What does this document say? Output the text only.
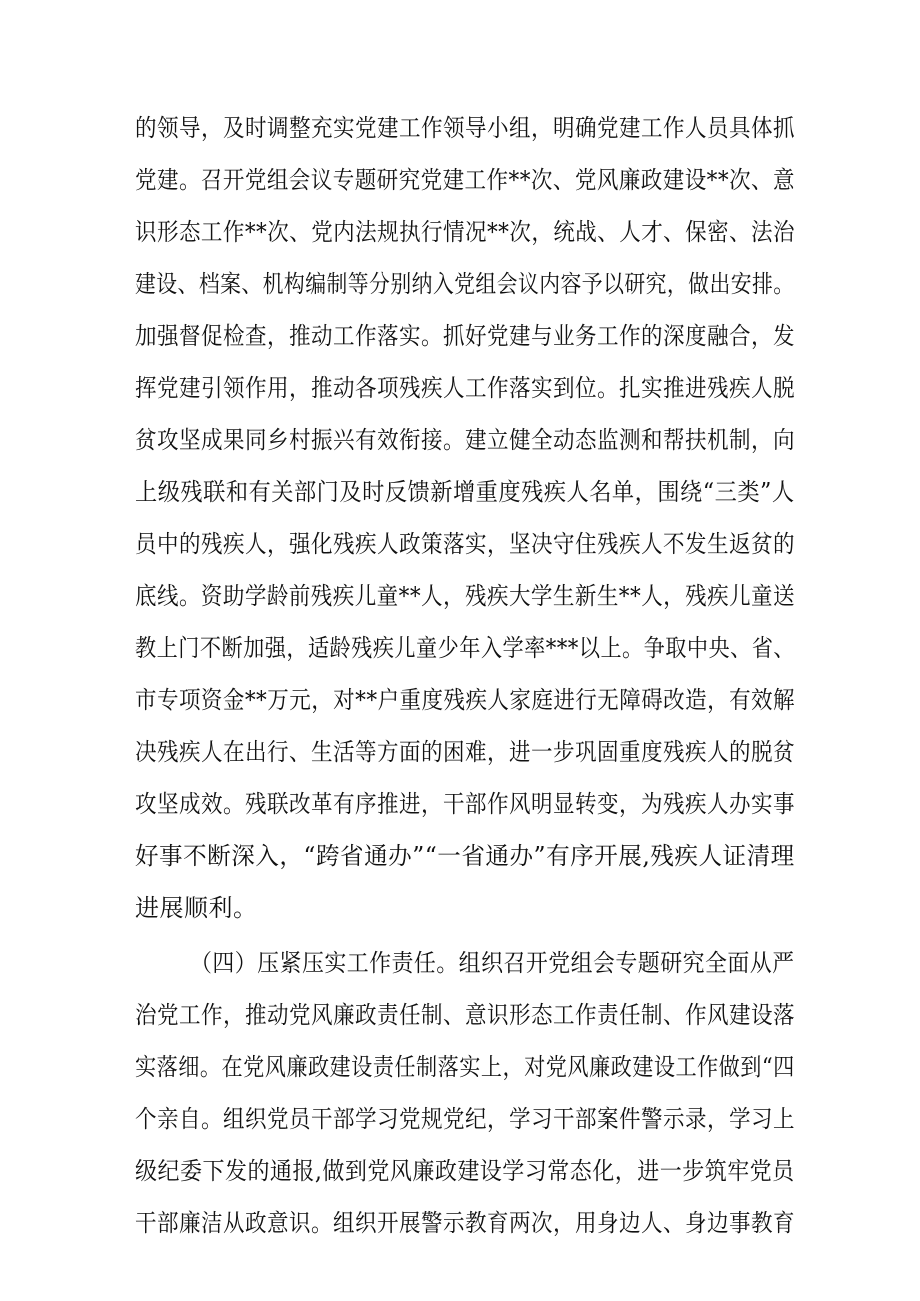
的领导，及时调整充实党建工作领导小组，明确党建工作人员具体抓
党建。召开党组会议专题研究党建工作**次、党风廉政建设**次、意
识形态工作**次、党内法规执行情况**次，统战、人才、保密、法治
建设、档案、机构编制等分别纳入党组会议内容予以研究，做出安排。
加强督促检查，推动工作落实。抓好党建与业务工作的深度融合，发
挥党建引领作用，推动各项残疾人工作落实到位。扎实推进残疾人脱
贫攻坚成果同乡村振兴有效衔接。建立健全动态监测和帮扶机制，向
上级残联和有关部门及时反馈新增重度残疾人名单，围绕“三类”人
员中的残疾人，强化残疾人政策落实，坚决守住残疾人不发生返贫的
底线。资助学龄前残疾儿童**人，残疾大学生新生**人，残疾儿童送
教上门不断加强，适龄残疾儿童少年入学率***以上。争取中央、省、
市专项资金**万元，对**户重度残疾人家庭进行无障碍改造，有效解
决残疾人在出行、生活等方面的困难，进一步巩固重度残疾人的脱贫
攻坚成效。残联改革有序推进，干部作风明显转变，为残疾人办实事
好事不断深入，“跨省通办”“一省通办”有序开展,残疾人证清理
进展顺利。
（四）压紧压实工作责任。组织召开党组会专题研究全面从严
治党工作，推动党风廉政责任制、意识形态工作责任制、作风建设落
实落细。在党风廉政建设责任制落实上，对党风廉政建设工作做到“四
个亲自。组织党员干部学习党规党纪，学习干部案件警示录，学习上
级纪委下发的通报,做到党风廉政建设学习常态化，进一步筑牢党员
干部廉洁从政意识。组织开展警示教育两次，用身边人、身边事教育
